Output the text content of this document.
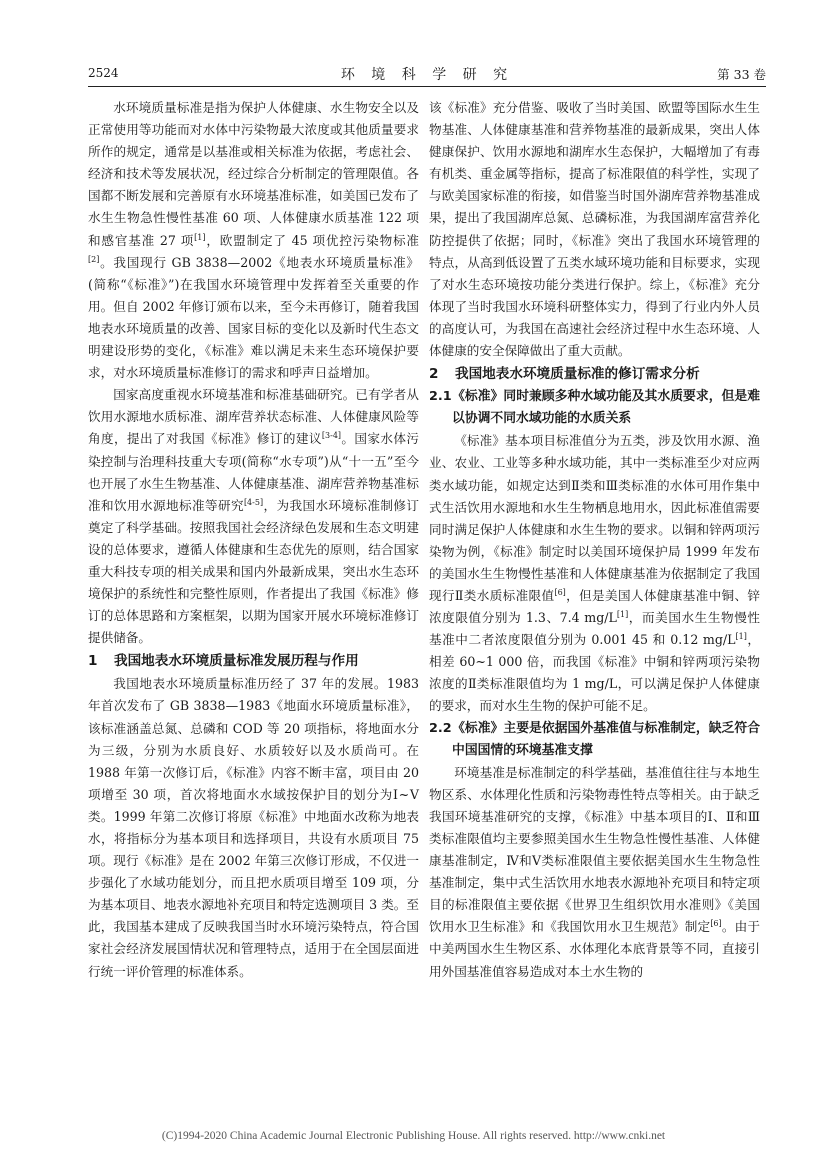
2524	环 境 科 学 研 究	第 33 卷

水环境质量标准是指为保护人体健康、水生物安全以及正常使用等功能而对水体中污染物最大浓度或其他质量要求所作的规定，通常是以基准或相关标准为依据，考虑社会、经济和技术等发展状况，经过综合分析制定的管理限值。各国都不断发展和完善原有水环境基准标准，如美国已发布了水生生物急性慢性基准 60 项、人体健康水质基准 122 项和感官基准 27 项[1]，欧盟制定了 45 项优控污染物标准[2]。我国现行 GB 3838—2002《地表水环境质量标准》(简称“《标准》”)在我国水环境管理中发挥着至关重要的作用。但自 2002 年修订颁布以来，至今未再修订，随着我国地表水环境质量的改善、国家目标的变化以及新时代生态文明建设形势的变化，《标准》难以满足未来生态环境保护要求，对水环境质量标准修订的需求和呼声日益增加。

国家高度重视水环境基准和标准基础研究。已有学者从饮用水源地水质标准、湖库营养状态标准、人体健康风险等角度，提出了对我国《标准》修订的建议[3-4]。国家水体污染控制与治理科技重大专项(简称“水专项”)从“十一五”至今也开展了水生生物基准、人体健康基准、湖库营养物基准标准和饮用水源地标准等研究[4-5]，为我国水环境标准制修订奠定了科学基础。按照我国社会经济绿色发展和生态文明建设的总体要求，遵循人体健康和生态优先的原则，结合国家重大科技专项的相关成果和国内外最新成果，突出水生态环境保护的系统性和完整性原则，作者提出了我国《标准》修订的总体思路和方案框架，以期为国家开展水环境标准修订提供储备。

1 我国地表水环境质量标准发展历程与作用

我国地表水环境质量标准历经了 37 年的发展。1983 年首次发布了 GB 3838—1983《地面水环境质量标准》，该标准涵盖总氮、总磷和 COD 等 20 项指标，将地面水分为三级，分别为水质良好、水质较好以及水质尚可。在 1988 年第一次修订后，《标准》内容不断丰富，项目由 20 项增至 30 项，首次将地面水水域按保护目的划分为Ⅰ~Ⅴ类。1999 年第二次修订将原《标准》中地面水改称为地表水，将指标分为基本项目和选择项目，共设有水质项目 75 项。现行《标准》是在 2002 年第三次修订形成，不仅进一步强化了水域功能划分，而且把水质项目增至 109 项，分为基本项目、地表水源地补充项目和特定选测项目 3 类。至此，我国基本建成了反映我国当时水环境污染特点，符合国家社会经济发展国情状况和管理特点，适用于在全国层面进行统一评价管理的标准体系。

该《标准》充分借鉴、吸收了当时美国、欧盟等国际水生生物基准、人体健康基准和营养物基准的最新成果，突出人体健康保护、饮用水源地和湖库水生态保护，大幅增加了有毒有机类、重金属等指标，提高了标准限值的科学性，实现了与欧美国家标准的衔接，如借鉴当时国外湖库营养物基准成果，提出了我国湖库总氮、总磷标准，为我国湖库富营养化防控提供了依据；同时，《标准》突出了我国水环境管理的特点，从高到低设置了五类水域环境功能和目标要求，实现了对水生态环境按功能分类进行保护。综上，《标准》充分体现了当时我国水环境科研整体实力，得到了行业内外人员的高度认可，为我国在高速社会经济过程中水生态环境、人体健康的安全保障做出了重大贡献。

2 我国地表水环境质量标准的修订需求分析
2.1《标准》同时兼顾多种水域功能及其水质要求，但是难以协调不同水域功能的水质关系

《标准》基本项目标准值分为五类，涉及饮用水源、渔业、农业、工业等多种水域功能，其中一类标准至少对应两类水域功能，如规定达到Ⅱ类和Ⅲ类标准的水体可用作集中式生活饮用水源地和水生生物栖息地用水，因此标准值需要同时满足保护人体健康和水生生物的要求。以铜和锌两项污染物为例，《标准》制定时以美国环境保护局 1999 年发布的美国水生生物慢性基准和人体健康基准为依据制定了我国现行Ⅱ类水质标准限值[6]，但是美国人体健康基准中铜、锌浓度限值分别为 1.3、7.4 mg/L[1]，而美国水生生物慢性基准中二者浓度限值分别为 0.001 45 和 0.12 mg/L[1]，相差 60~1 000 倍，而我国《标准》中铜和锌两项污染物浓度的Ⅱ类标准限值均为 1 mg/L，可以满足保护人体健康的要求，而对水生生物的保护可能不足。

2.2《标准》主要是依据国外基准值与标准制定，缺乏符合中国国情的环境基准支撑

环境基准是标准制定的科学基础，基准值往往与本地生物区系、水体理化性质和污染物毒性特点等相关。由于缺乏我国环境基准研究的支撑，《标准》中基本项目的Ⅰ、Ⅱ和Ⅲ类标准限值均主要参照美国水生生物急性慢性基准、人体健康基准制定，Ⅳ和Ⅴ类标准限值主要依据美国水生生物急性基准制定，集中式生活饮用水地表水源地补充项目和特定项目的标准限值主要依据《世界卫生组织饮用水准则》《美国饮用水卫生标准》和《我国饮用水卫生规范》制定[6]。由于中美两国水生生物区系、水体理化本底背景等不同，直接引用外国基准值容易造成对本土水生物的

(C)1994-2020 China Academic Journal Electronic Publishing House. All rights reserved. http://www.cnki.net
